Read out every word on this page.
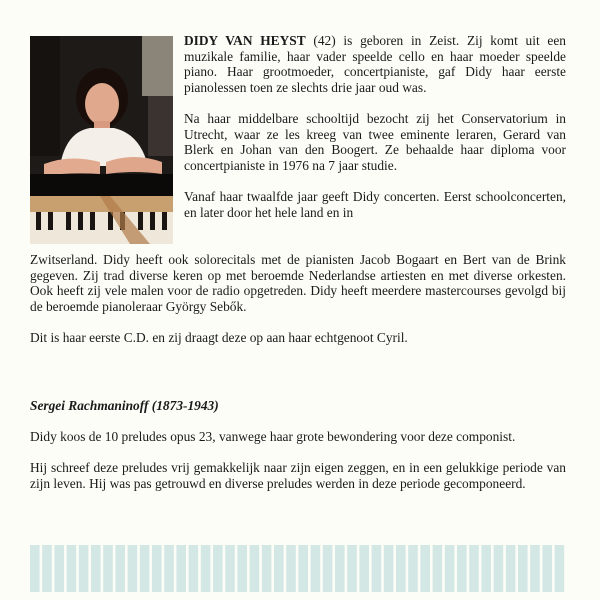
DIDY VAN HEYST (42) is geboren in Zeist. Zij komt uit een muzikale familie, haar vader speelde cello en haar moeder speelde piano. Haar grootmoeder, concertpianiste, gaf Didy haar eerste pianolessen toen ze slechts drie jaar oud was.

Na haar middelbare schooltijd bezocht zij het Conservatorium in Utrecht, waar ze les kreeg van twee eminente leraren, Gerard van Blerk en Johan van den Boogert. Ze behaalde haar diploma voor concertpianiste in 1976 na 7 jaar studie.

Vanaf haar twaalfde jaar geeft Didy concerten. Eerst schoolconcerten, en later door het hele land en in

Zwitserland. Didy heeft ook solorecitals met de pianisten Jacob Bogaart en Bert van de Brink gegeven. Zij trad diverse keren op met beroemde Nederlandse artiesten en met diverse orkesten. Ook heeft zij vele malen voor de radio opgetreden. Didy heeft meerdere mastercourses gevolgd bij de beroemde pianoleraar György Sebők.

Dit is haar eerste C.D. en zij draagt deze op aan haar echtgenoot Cyril.

Sergei Rachmaninoff (1873-1943)

Didy koos de 10 preludes opus 23, vanwege haar grote bewondering voor deze componist.

Hij schreef deze preludes vrij gemakkelijk naar zijn eigen zeggen, en in een gelukkige periode van zijn leven. Hij was pas getrouwd en diverse preludes werden in deze periode gecomponeerd.
